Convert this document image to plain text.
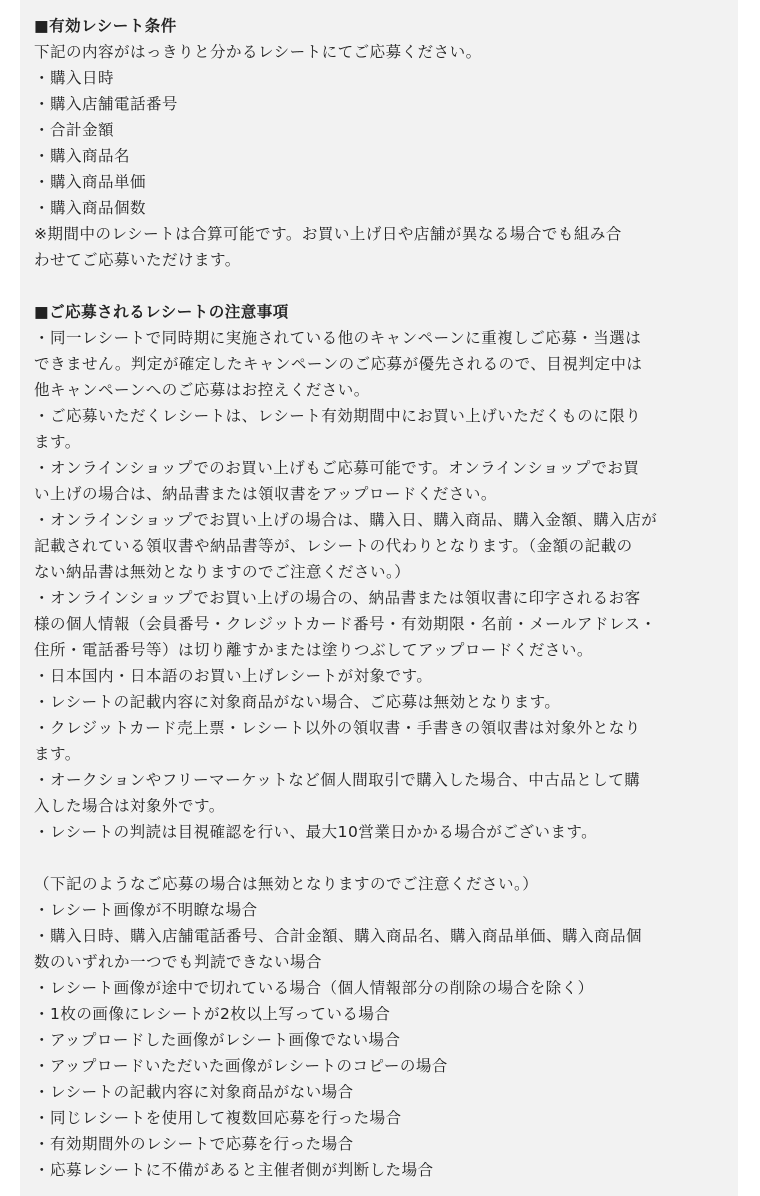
■有効レシート条件
下記の内容がはっきりと分かるレシートにてご応募ください。
・購入日時
・購入店舗電話番号
・合計金額
・購入商品名
・購入商品単価
・購入商品個数
※期間中のレシートは合算可能です。お買い上げ日や店舗が異なる場合でも組み合
わせてご応募いただけます。
■ご応募されるレシートの注意事項
・同一レシートで同時期に実施されている他のキャンペーンに重複しご応募・当選は
できません。判定が確定したキャンペーンのご応募が優先されるので、目視判定中は
他キャンペーンへのご応募はお控えください。
・ご応募いただくレシートは、レシート有効期間中にお買い上げいただくものに限り
ます。
・オンラインショップでのお買い上げもご応募可能です。オンラインショップでお買
い上げの場合は、納品書または領収書をアップロードください。
・オンラインショップでお買い上げの場合は、購入日、購入商品、購入金額、購入店が
記載されている領収書や納品書等が、レシートの代わりとなります。（金額の記載の
ない納品書は無効となりますのでご注意ください。）
・オンラインショップでお買い上げの場合の、納品書または領収書に印字されるお客
様の個人情報（会員番号・クレジットカード番号・有効期限・名前・メールアドレス・
住所・電話番号等）は切り離すかまたは塗りつぶしてアップロードください。
・日本国内・日本語のお買い上げレシートが対象です。
・レシートの記載内容に対象商品がない場合、ご応募は無効となります。
・クレジットカード売上票・レシート以外の領収書・手書きの領収書は対象外となり
ます。
・オークションやフリーマーケットなど個人間取引で購入した場合、中古品として購
入した場合は対象外です。
・レシートの判読は目視確認を行い、最大10営業日かかる場合がございます。
（下記のようなご応募の場合は無効となりますのでご注意ください。）
・レシート画像が不明瞭な場合
・購入日時、購入店舗電話番号、合計金額、購入商品名、購入商品単価、購入商品個
数のいずれか一つでも判読できない場合
・レシート画像が途中で切れている場合（個人情報部分の削除の場合を除く）
・1枚の画像にレシートが2枚以上写っている場合
・アップロードした画像がレシート画像でない場合
・アップロードいただいた画像がレシートのコピーの場合
・レシートの記載内容に対象商品がない場合
・同じレシートを使用して複数回応募を行った場合
・有効期間外のレシートで応募を行った場合
・応募レシートに不備があると主催者側が判断した場合
